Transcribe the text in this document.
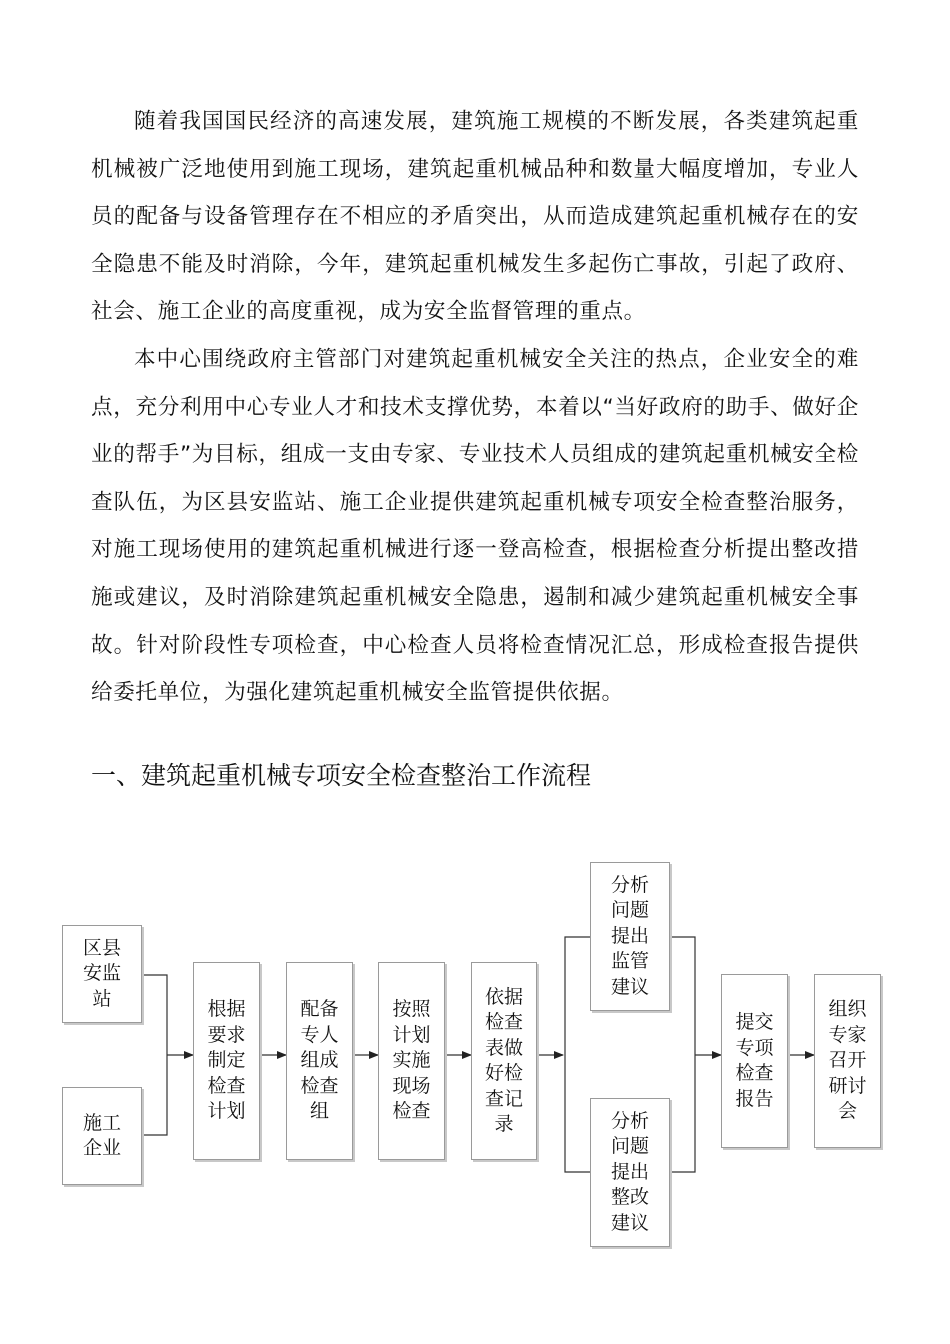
随着我国国民经济的高速发展，建筑施工规模的不断发展，各类建筑起重机械被广泛地使用到施工现场，建筑起重机械品种和数量大幅度增加，专业人员的配备与设备管理存在不相应的矛盾突出，从而造成建筑起重机械存在的安全隐患不能及时消除，今年，建筑起重机械发生多起伤亡事故，引起了政府、社会、施工企业的高度重视，成为安全监督管理的重点。

本中心围绕政府主管部门对建筑起重机械安全关注的热点，企业安全的难点，充分利用中心专业人才和技术支撑优势，本着以“当好政府的助手、做好企业的帮手”为目标，组成一支由专家、专业技术人员组成的建筑起重机械安全检查队伍，为区县安监站、施工企业提供建筑起重机械专项安全检查整治服务，对施工现场使用的建筑起重机械进行逐一登高检查，根据检查分析提出整改措施或建议，及时消除建筑起重机械安全隐患，遏制和减少建筑起重机械安全事故。针对阶段性专项检查，中心检查人员将检查情况汇总，形成检查报告提供给委托单位，为强化建筑起重机械安全监管提供依据。

一、建筑起重机械专项安全检查整治工作流程
区县安监站
施工企业
根据要求制定检查计划
配备专人组成检查组
按照计划实施现场检查
依据检查表做好检查记录
分析问题提出监管建议
分析问题提出整改建议
提交专项检查报告
组织专家召开研讨会
